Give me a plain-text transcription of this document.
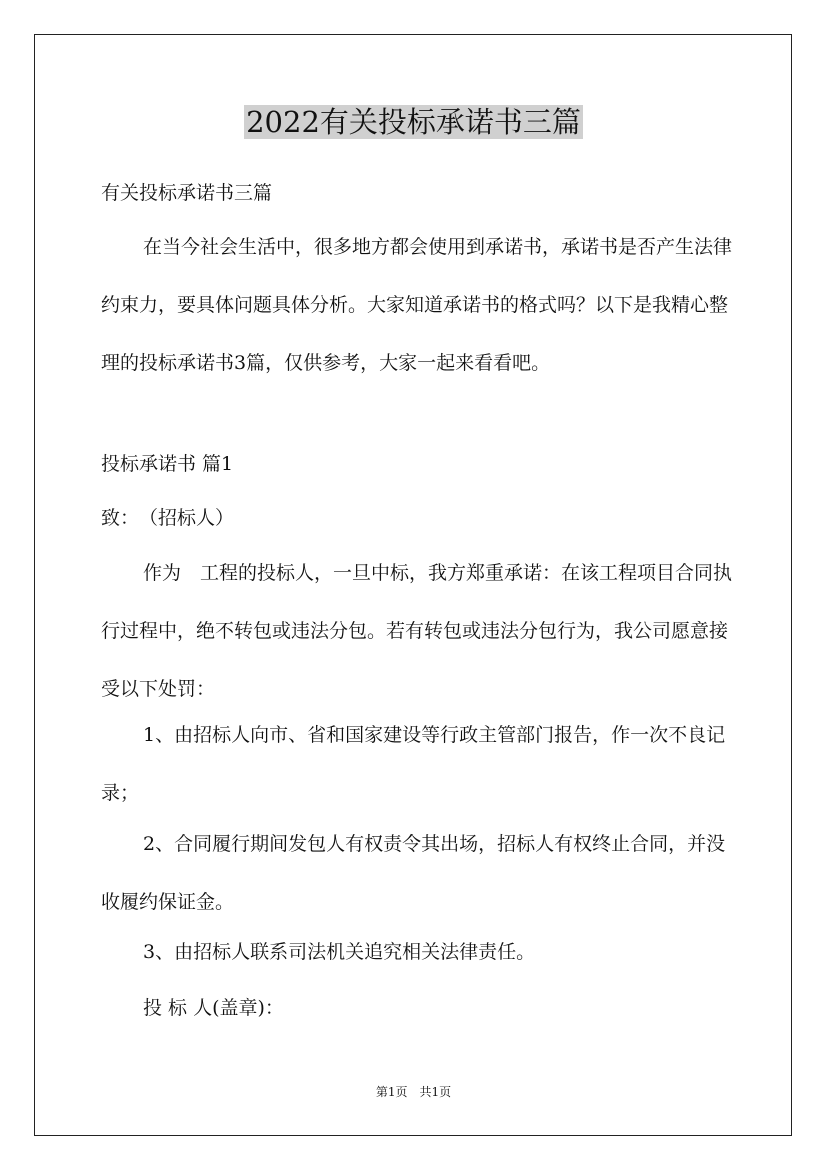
2022有关投标承诺书三篇

有关投标承诺书三篇

在当今社会生活中，很多地方都会使用到承诺书，承诺书是否产生法律约束力，要具体问题具体分析。大家知道承诺书的格式吗？以下是我精心整理的投标承诺书3篇，仅供参考，大家一起来看看吧。

投标承诺书 篇1

致：　（招标人）

作为　工程的投标人，一旦中标，我方郑重承诺：在该工程项目合同执行过程中，绝不转包或违法分包。若有转包或违法分包行为，我公司愿意接受以下处罚：

1、由招标人向市、省和国家建设等行政主管部门报告，作一次不良记录；

2、合同履行期间发包人有权责令其出场，招标人有权终止合同，并没收履约保证金。

3、由招标人联系司法机关追究相关法律责任。

投 标 人(盖章)：

第1页　共1页
